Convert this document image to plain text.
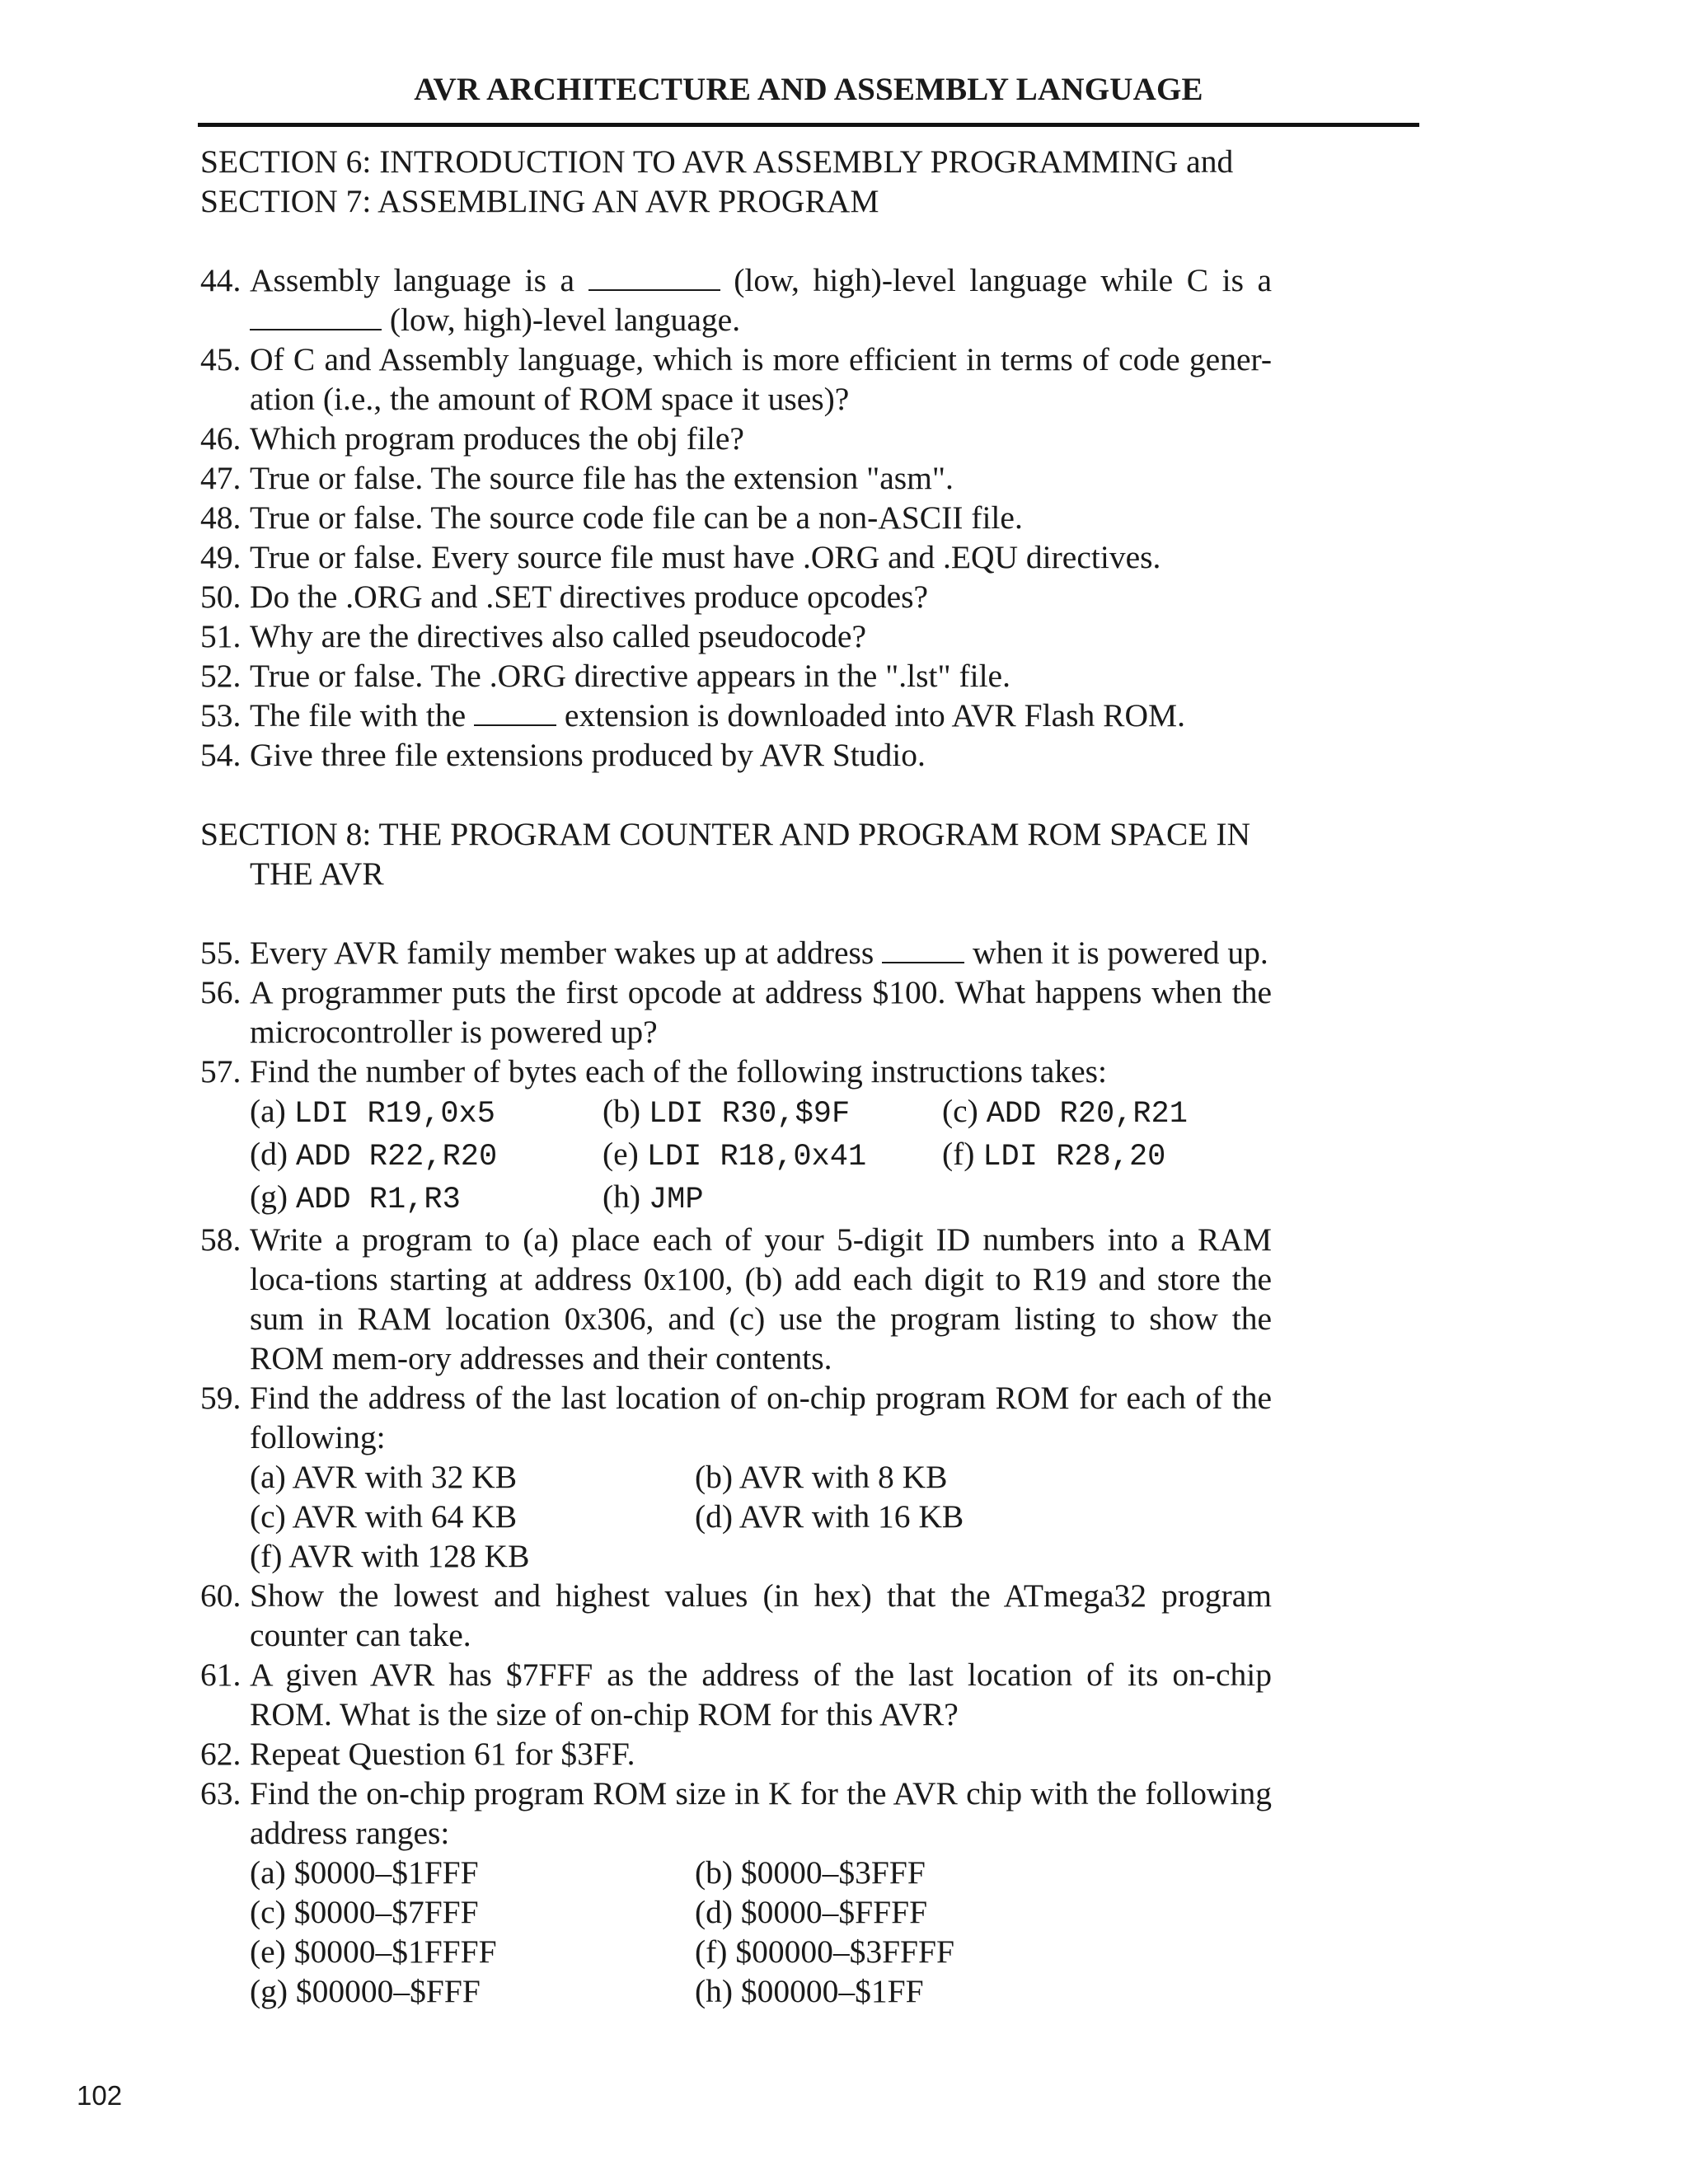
AVR ARCHITECTURE AND ASSEMBLY LANGUAGE

SECTION 6: INTRODUCTION TO AVR ASSEMBLY PROGRAMMING and

SECTION 7: ASSEMBLING AN AVR PROGRAM

44. Assembly language is a	(low, high)-level language while C is a  (low, high)-level language.
45. Of C and Assembly language, which is more efficient in terms of code gener-ation (i.e., the amount of ROM space it uses)?
46. Which program produces the obj file?
47. True or false. The source file has the extension "asm".
48. True or false. The source code file can be a non-ASCII file.
49. True or false. Every source file must have .ORG and .EQU directives.
50. Do the .ORG and .SET directives produce opcodes?
51. Why are the directives also called pseudocode?
52. True or false. The .ORG directive appears in the ".lst" file.
53. The file with the	extension is downloaded into AVR Flash ROM.
54. Give three file extensions produced by AVR Studio.

SECTION 8: THE PROGRAM COUNTER AND PROGRAM ROM SPACE IN

THE AVR

55. Every AVR family member wakes up at address	when it is powered up.
56. A programmer puts the first opcode at address $100. What happens when the microcontroller is powered up?
57. Find the number of bytes each of the following instructions takes:
(a) LDI R19,0x5	(b) LDI R30,$9F	(c) ADD R20,R21
(d) ADD R22,R20	(e) LDI R18,0x41	(f) LDI R28,20
(g) ADD R1,R3	(h) JMP
58. Write a program to (a) place each of your 5-digit ID numbers into a RAM loca-tions starting at address 0x100, (b) add each digit to R19 and store the sum in RAM location 0x306, and (c) use the program listing to show the ROM mem-ory addresses and their contents.
59. Find the address of the last location of on-chip program ROM for each of the following:
(a) AVR with 32 KB	(b) AVR with 8 KB
(c) AVR with 64 KB	(d) AVR with 16 KB
(f) AVR with 128 KB
60. Show the lowest and highest values (in hex) that the ATmega32 program counter can take.
61. A given AVR has $7FFF as the address of the last location of its on-chip ROM. What is the size of on-chip ROM for this AVR?
62. Repeat Question 61 for $3FF.
63. Find the on-chip program ROM size in K for the AVR chip with the following address ranges:
(a) $0000–$1FFF	(b) $0000–$3FFF
(c) $0000–$7FFF	(d) $0000–$FFFF
(e) $0000–$1FFFF	(f) $00000–$3FFFF
(g) $00000–$FFF	(h) $00000–$1FF
102
